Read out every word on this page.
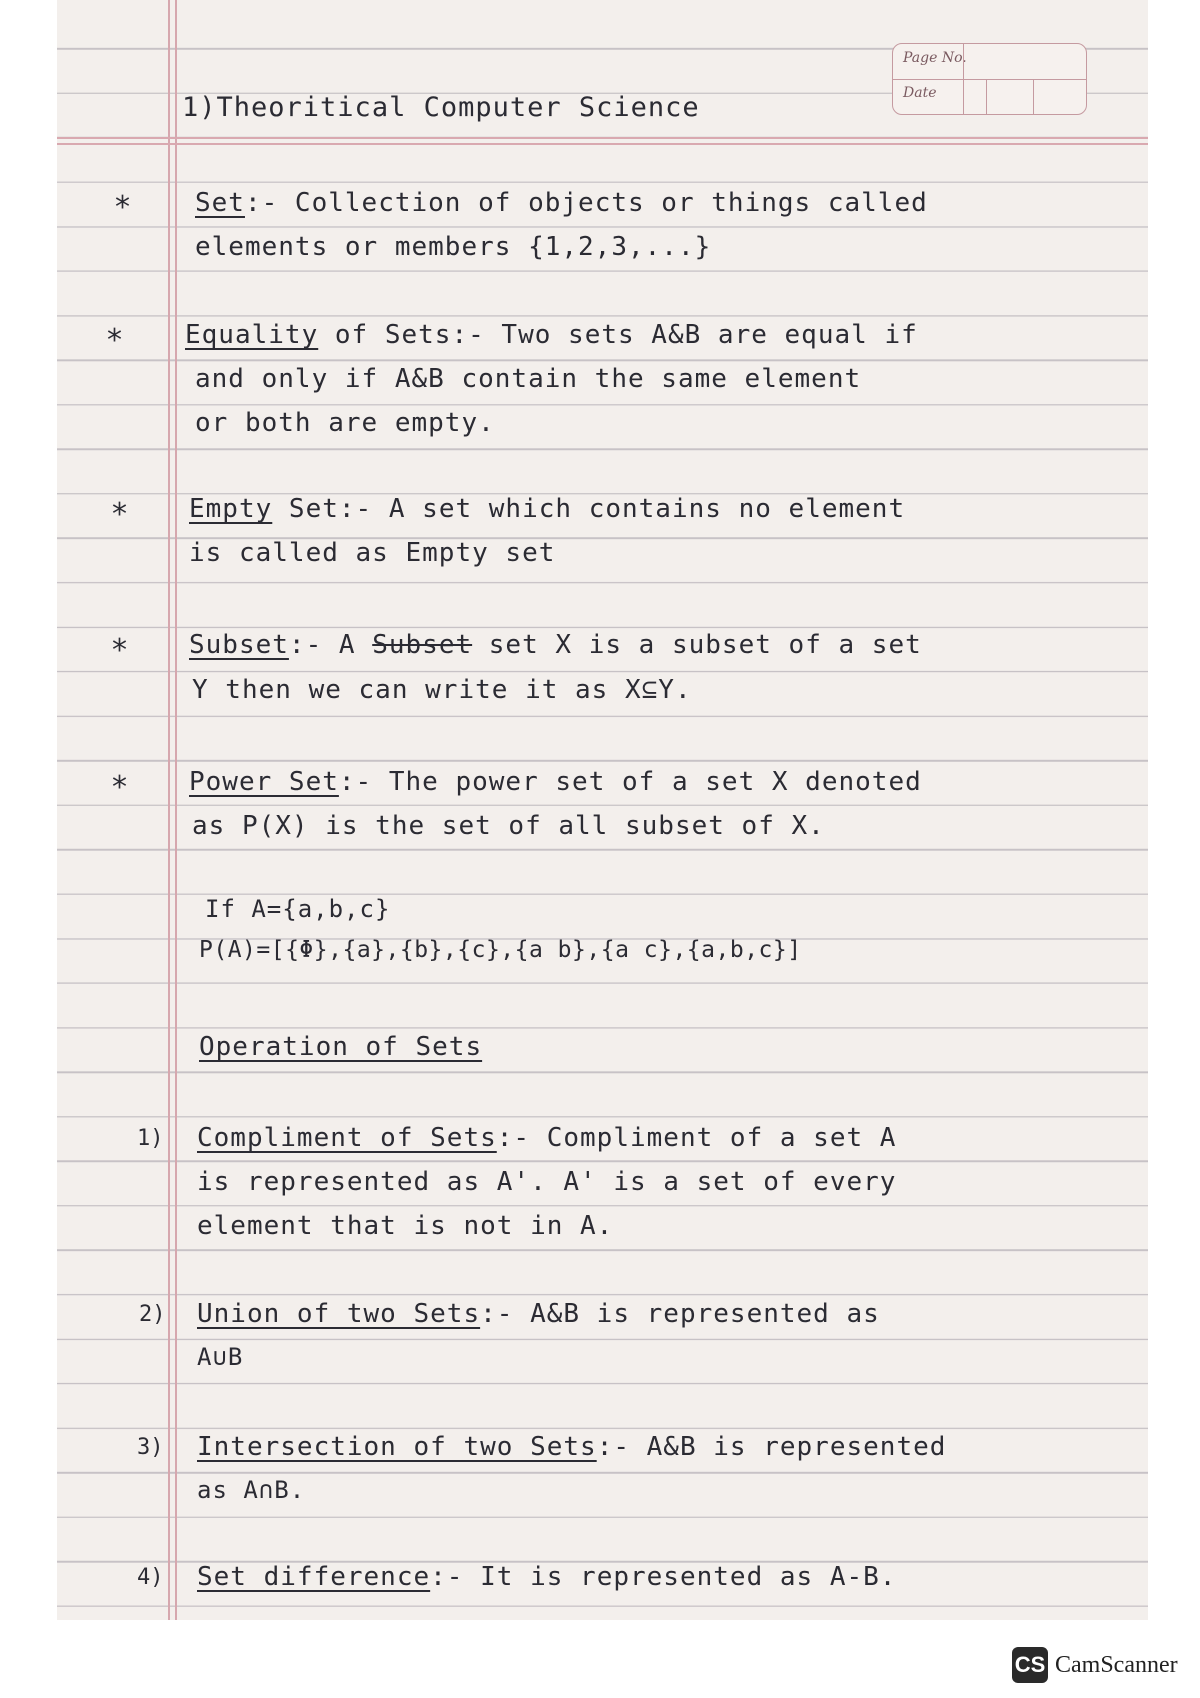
Page No.
Date
1)Theoritical Computer Science
*	Set:- Collection of objects or things called
elements or members {1,2,3,...}
* Equality of Sets:- Two sets A&B are equal if
and only if A&B contain the same element
or both are empty.
* Empty Set:- A set which contains no element
is called as Empty set
* Subset:- A Subset set X is a subset of a set
Y then we can write it as X⊆Y.
* Power Set:- The power set of a set X denoted
as P(X) is the set of all subset of X.
If A={a,b,c}
P(A)=[{Φ},{a},{b},{c},{a b},{a c},{a,b,c}]
Operation of Sets
1) Compliment of Sets:- Compliment of a set A
is represented as A'. A' is a set of every
element that is not in A.
2) Union of two Sets:- A&B is represented as
A∪B
3) Intersection of two Sets:- A&B is represented
as A∩B.
4) Set difference:- It is represented as A-B.
CS CamScanner
